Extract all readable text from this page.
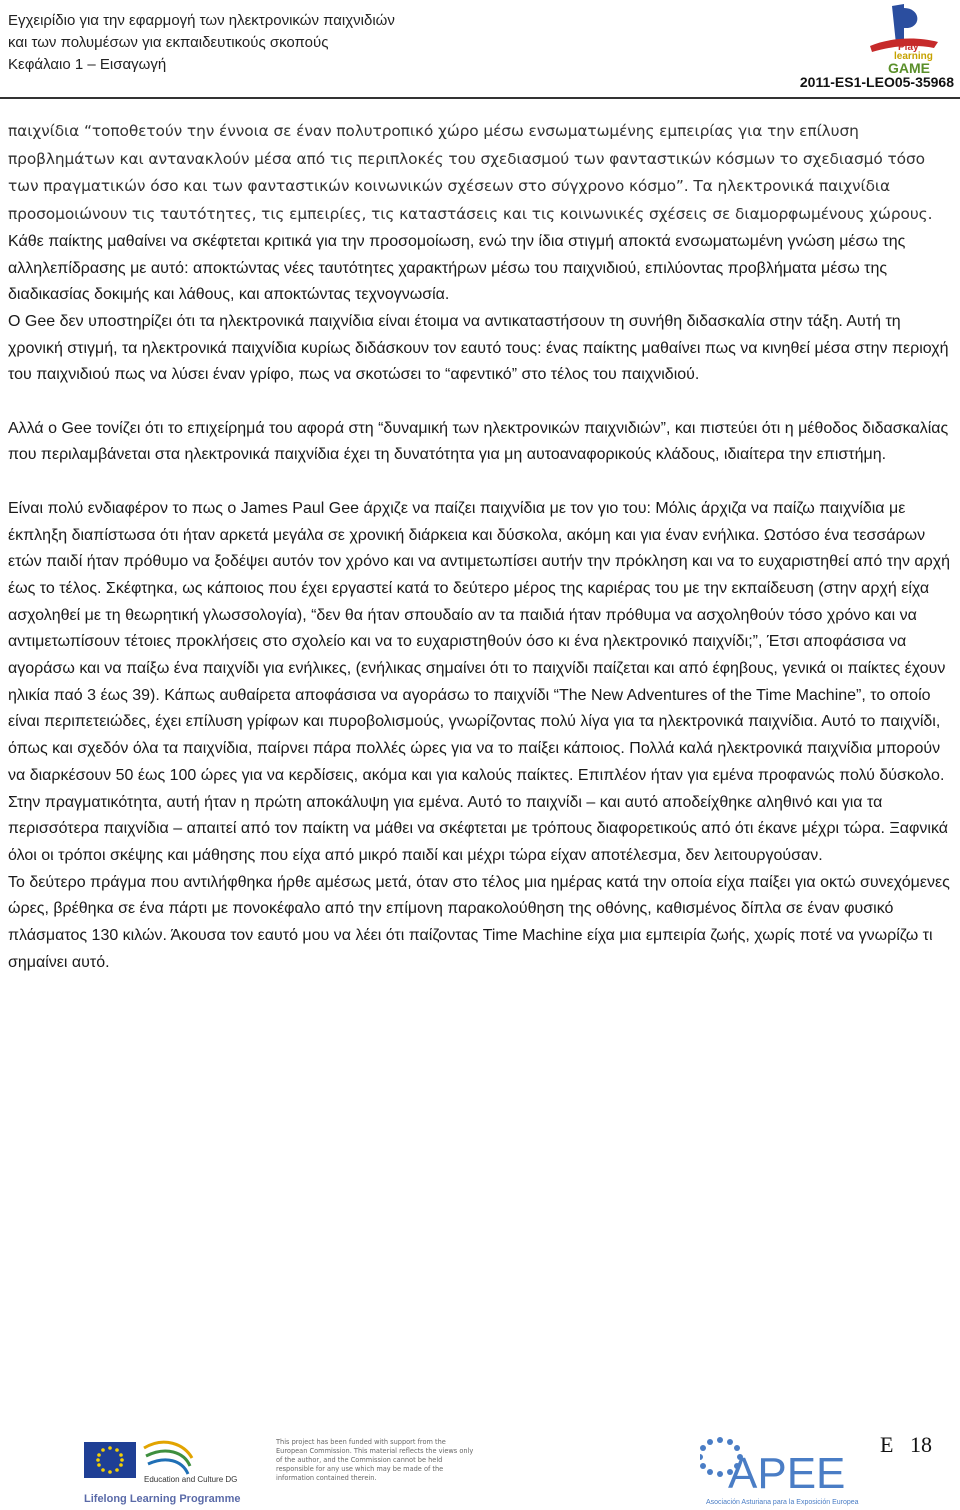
Εγχειρίδιο για την εφαρμογή των ηλεκτρονικών παιχνιδιών
και των πολυμέσων για εκπαιδευτικούς σκοπούς
Κεφάλαιο 1 – Εισαγωγή
Play
learning
GAME
2011-ES1-LEO05-35968

παιχνίδια “τοποθετούν την έννοια σε έναν πολυτροπικό χώρο μέσω ενσωματωμένης εμπειρίας για την επίλυση προβλημάτων και αντανακλούν μέσα από τις περιπλοκές του σχεδιασμού των φανταστικών κόσμων το σχεδιασμό τόσο των πραγματικών όσο και των φανταστικών κοινωνικών σχέσεων στο σύγχρονο κόσμο”. Τα ηλεκτρονικά παιχνίδια προσομοιώνουν τις ταυτότητες, τις εμπειρίες, τις καταστάσεις και τις κοινωνικές σχέσεις σε διαμορφωμένους χώρους. Κάθε παίκτης μαθαίνει να σκέφτεται κριτικά για την προσομοίωση, ενώ την ίδια στιγμή αποκτά ενσωματωμένη γνώση μέσω της αλληλεπίδρασης με αυτό: αποκτώντας νέες ταυτότητες χαρακτήρων μέσω του παιχνιδιού, επιλύοντας προβλήματα μέσω της διαδικασίας δοκιμής και λάθους, και αποκτώντας τεχνογνωσία.

Ο Gee δεν υποστηρίζει ότι τα ηλεκτρονικά παιχνίδια είναι έτοιμα να αντικαταστήσουν τη συνήθη διδασκαλία στην τάξη. Αυτή τη χρονική στιγμή, τα ηλεκτρονικά παιχνίδια κυρίως διδάσκουν τον εαυτό τους: ένας παίκτης μαθαίνει πως να κινηθεί μέσα στην περιοχή του παιχνιδιού πως να λύσει έναν γρίφο, πως να σκοτώσει το “αφεντικό” στο τέλος του παιχνιδιού.

Αλλά ο Gee τονίζει ότι το επιχείρημά του αφορά στη “δυναμική των ηλεκτρονικών παιχνιδιών”, και πιστεύει ότι η μέθοδος διδασκαλίας που περιλαμβάνεται στα ηλεκτρονικά παιχνίδια έχει τη δυνατότητα για μη αυτοαναφορικούς κλάδους, ιδιαίτερα την επιστήμη.

Είναι πολύ ενδιαφέρον το πως ο James Paul Gee άρχιζε να παίζει παιχνίδια με τον γιο του: Μόλις άρχιζα να παίζω παιχνίδια με έκπληξη διαπίστωσα ότι ήταν αρκετά μεγάλα σε χρονική διάρκεια και δύσκολα, ακόμη και για έναν ενήλικα. Ωστόσο ένα τεσσάρων ετών παιδί ήταν πρόθυμο να ξοδέψει αυτόν τον χρόνο και να αντιμετωπίσει αυτήν την πρόκληση και να το ευχαριστηθεί από την αρχή έως το τέλος. Σκέφτηκα, ως κάποιος που έχει εργαστεί κατά το δεύτερο μέρος της καριέρας του με την εκπαίδευση (στην αρχή είχα ασχοληθεί με τη θεωρητική γλωσσολογία), “δεν θα ήταν σπουδαίο αν τα παιδιά ήταν πρόθυμα να ασχοληθούν τόσο χρόνο και να αντιμετωπίσουν τέτοιες προκλήσεις στο σχολείο και να το ευχαριστηθούν όσο κι ένα ηλεκτρονικό παιχνίδι;”, Έτσι αποφάσισα να αγοράσω και να παίξω ένα παιχνίδι για ενήλικες, (ενήλικας σημαίνει ότι το παιχνίδι παίζεται και από έφηβους, γενικά οι παίκτες έχουν ηλικία παό 3 έως 39). Κάπως αυθαίρετα αποφάσισα να αγοράσω το παιχνίδι “The New Adventures of the Time Machine”, το οποίο είναι περιπετειώδες, έχει επίλυση γρίφων και πυροβολισμούς, γνωρίζοντας πολύ λίγα για τα ηλεκτρονικά παιχνίδια. Αυτό το παιχνίδι, όπως και σχεδόν όλα τα παιχνίδια, παίρνει πάρα πολλές ώρες για να το παίξει κάποιος. Πολλά καλά ηλεκτρονικά παιχνίδια μπορούν να διαρκέσουν 50 έως 100 ώρες για να κερδίσεις, ακόμα και για καλούς παίκτες. Επιπλέον ήταν για εμένα προφανώς πολύ δύσκολο.

Στην πραγματικότητα, αυτή ήταν η πρώτη αποκάλυψη για εμένα. Αυτό το παιχνίδι – και αυτό αποδείχθηκε αληθινό και για τα περισσότερα παιχνίδια – απαιτεί από τον παίκτη να μάθει να σκέφτεται με τρόπους διαφορετικούς από ότι έκανε μέχρι τώρα. Ξαφνικά όλοι οι τρόποι σκέψης και μάθησης που είχα από μικρό παιδί και μέχρι τώρα είχαν αποτέλεσμα, δεν λειτουργούσαν.

Το δεύτερο πράγμα που αντιλήφθηκα ήρθε αμέσως μετά, όταν στο τέλος μια ημέρας κατά την οποία είχα παίξει για οκτώ συνεχόμενες ώρες, βρέθηκα σε ένα πάρτι με πονοκέφαλο από την επίμονη παρακολούθηση της οθόνης, καθισμένος δίπλα σε έναν φυσικό πλάσματος 130 κιλών. Άκουσα τον εαυτό μου να λέει ότι παίζοντας Time Machine είχα μια εμπειρία ζωής, χωρίς ποτέ να γνωρίζω τι σημαίνει αυτό.

E 18
Education and Culture DG
Lifelong Learning Programme
This project has been funded with support from the European Commission. This material reflects the views only of the author, and the Commission cannot be held responsible for any use which may be made of the information contained therein.	APEE
Asociación Asturiana para la Exposición Europea
